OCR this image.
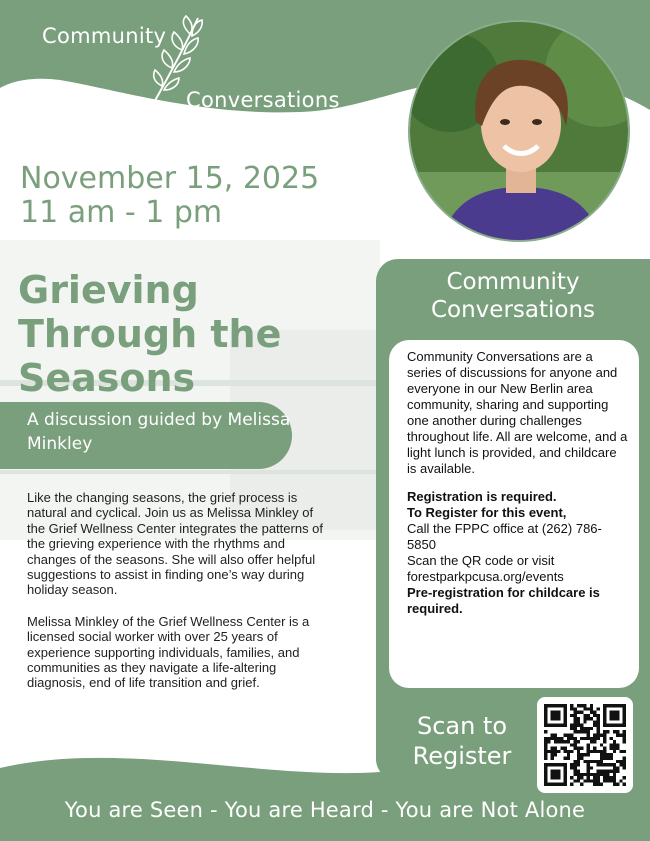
Community
Conversations
November 15, 2025
11 am - 1 pm
Grieving Through the Seasons
A discussion guided by Melissa Minkley

Like the changing seasons, the grief process is natural and cyclical. Join us as Melissa Minkley of the Grief Wellness Center integrates the patterns of the grieving experience with the rhythms and changes of the seasons. She will also offer helpful suggestions to assist in finding one’s way during holiday season.

Melissa Minkley of the Grief Wellness Center is a licensed social worker with over 25 years of experience supporting individuals, families, and communities as they navigate a life-altering diagnosis, end of life transition and grief.

Community Conversations
Community Conversations are a series of discussions for anyone and everyone in our New Berlin area community, sharing and supporting one another during challenges throughout life. All are welcome, and a light lunch is provided, and childcare is available.
Registration is required.
To Register for this event,
Call the FPPC office at (262) 786-5850
Scan the QR code or visit forestparkpcusa.org/events
Pre-registration for childcare is required.
Scan to Register
You are Seen - You are Heard - You are Not Alone
